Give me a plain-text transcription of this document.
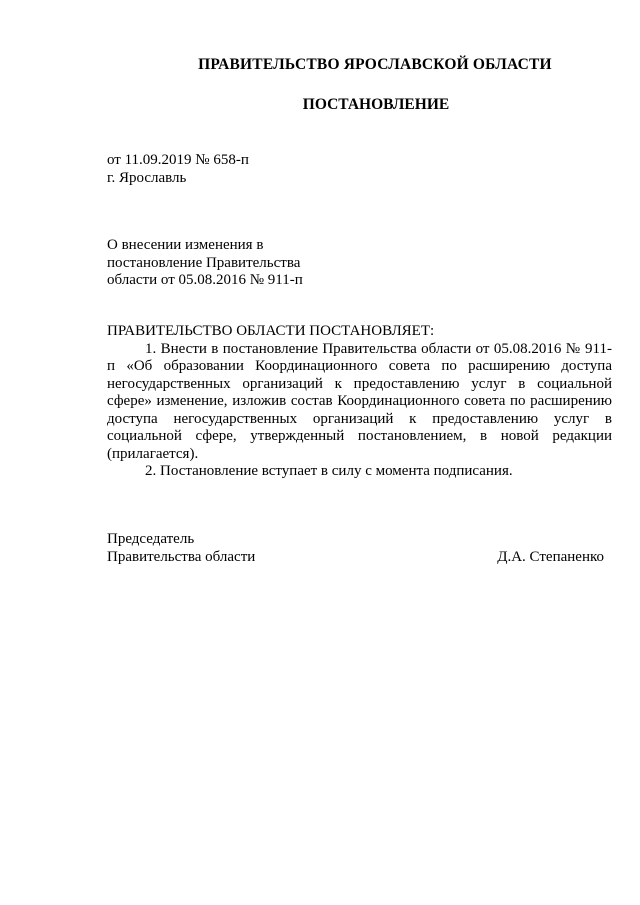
ПРАВИТЕЛЬСТВО ЯРОСЛАВСКОЙ ОБЛАСТИ
ПОСТАНОВЛЕНИЕ
от 11.09.2019 № 658-п
г. Ярославль
О внесении изменения в
постановление Правительства
области от 05.08.2016 № 911-п
ПРАВИТЕЛЬСТВО ОБЛАСТИ ПОСТАНОВЛЯЕТ:

1. Внести в постановление Правительства области от 05.08.2016 № 911-п «Об образовании Координационного совета по расширению доступа негосударственных организаций к предоставлению услуг в социальной сфере» изменение, изложив состав Координационного совета по расширению доступа негосударственных организаций к предоставлению услуг в социальной сфере, утвержденный постановлением, в новой редакции (прилагается).

2. Постановление вступает в силу с момента подписания.

Председатель
Правительства области	Д.А. Степаненко
